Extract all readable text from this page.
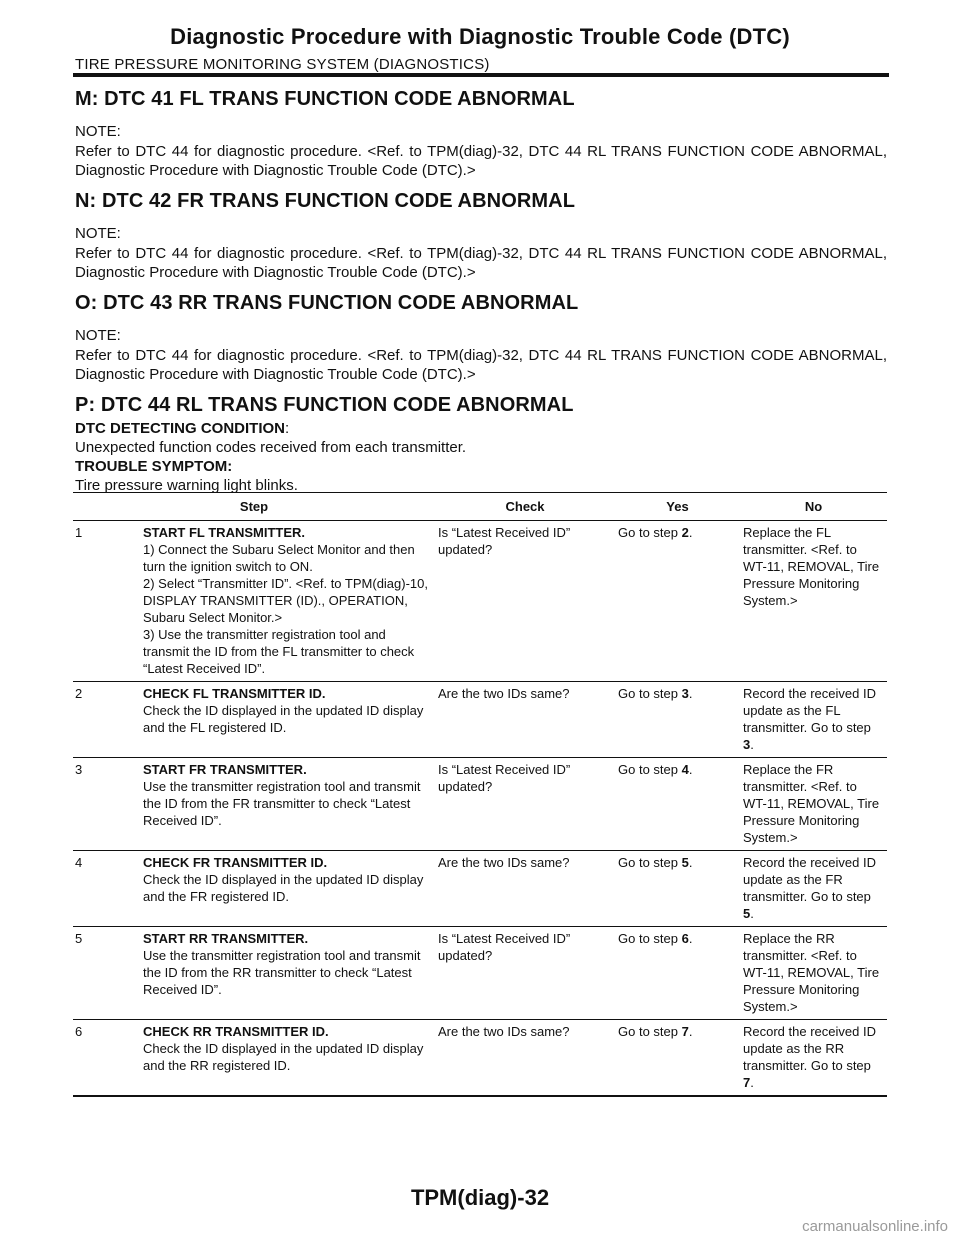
Diagnostic Procedure with Diagnostic Trouble Code (DTC)
TIRE PRESSURE MONITORING SYSTEM (DIAGNOSTICS)
M: DTC 41 FL TRANS FUNCTION CODE ABNORMAL
NOTE:
Refer to DTC 44 for diagnostic procedure. <Ref. to TPM(diag)-32, DTC 44 RL TRANS FUNCTION CODE ABNORMAL, Diagnostic Procedure with Diagnostic Trouble Code (DTC).>
N: DTC 42 FR TRANS FUNCTION CODE ABNORMAL
NOTE:
Refer to DTC 44 for diagnostic procedure. <Ref. to TPM(diag)-32, DTC 44 RL TRANS FUNCTION CODE ABNORMAL, Diagnostic Procedure with Diagnostic Trouble Code (DTC).>
O: DTC 43 RR TRANS FUNCTION CODE ABNORMAL
NOTE:
Refer to DTC 44 for diagnostic procedure. <Ref. to TPM(diag)-32, DTC 44 RL TRANS FUNCTION CODE ABNORMAL, Diagnostic Procedure with Diagnostic Trouble Code (DTC).>
P: DTC 44 RL TRANS FUNCTION CODE ABNORMAL
DTC DETECTING CONDITION:
Unexpected function codes received from each transmitter.
TROUBLE SYMPTOM:
Tire pressure warning light blinks.
Step		Check	Yes	No
1	START FL TRANSMITTER.
1) Connect the Subaru Select Monitor and then turn the ignition switch to ON.
2) Select “Transmitter ID”. <Ref. to TPM(diag)-10, DISPLAY TRANSMITTER (ID)., OPERATION, Subaru Select Monitor.>
3) Use the transmitter registration tool and transmit the ID from the FL transmitter to check “Latest Received ID”.	Is “Latest Received ID” updated?	Go to step 2.	Replace the FL transmitter. <Ref. to WT-11, REMOVAL, Tire Pressure Monitoring System.>
2	CHECK FL TRANSMITTER ID.
Check the ID displayed in the updated ID display and the FL registered ID.	Are the two IDs same?	Go to step 3.	Record the received ID update as the FL transmitter. Go to step 3.
3	START FR TRANSMITTER.
Use the transmitter registration tool and transmit the ID from the FR transmitter to check “Latest Received ID”.	Is “Latest Received ID” updated?	Go to step 4.	Replace the FR transmitter. <Ref. to WT-11, REMOVAL, Tire Pressure Monitoring System.>
4	CHECK FR TRANSMITTER ID.
Check the ID displayed in the updated ID display and the FR registered ID.	Are the two IDs same?	Go to step 5.	Record the received ID update as the FR transmitter. Go to step 5.
5	START RR TRANSMITTER.
Use the transmitter registration tool and transmit the ID from the RR transmitter to check “Latest Received ID”.	Is “Latest Received ID” updated?	Go to step 6.	Replace the RR transmitter. <Ref. to WT-11, REMOVAL, Tire Pressure Monitoring System.>
6	CHECK RR TRANSMITTER ID.
Check the ID displayed in the updated ID display and the RR registered ID.	Are the two IDs same?	Go to step 7.	Record the received ID update as the RR transmitter. Go to step 7.
TPM(diag)-32
carmanualsonline.info
